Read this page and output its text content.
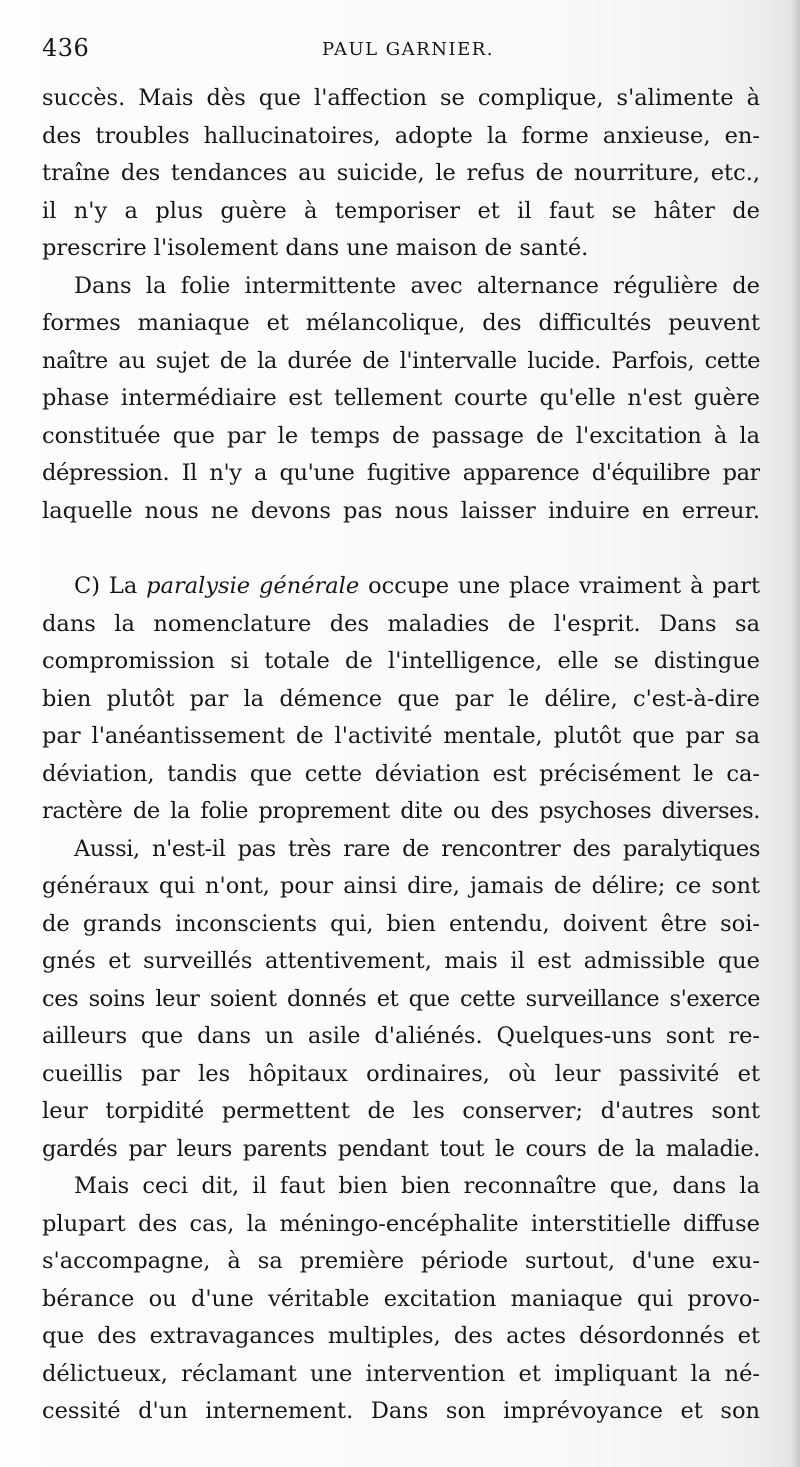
436	PAUL GARNIER.
succès. Mais dès que l'affection se complique, s'alimente à
des troubles hallucinatoires, adopte la forme anxieuse, en-
traîne des tendances au suicide, le refus de nourriture, etc.,
il n'y a plus guère à temporiser et il faut se hâter de
prescrire l'isolement dans une maison de santé.
Dans la folie intermittente avec alternance régulière de
formes maniaque et mélancolique, des difficultés peuvent
naître au sujet de la durée de l'intervalle lucide. Parfois, cette
phase intermédiaire est tellement courte qu'elle n'est guère
constituée que par le temps de passage de l'excitation à la
dépression. Il n'y a qu'une fugitive apparence d'équilibre par
laquelle nous ne devons pas nous laisser induire en erreur.
C) La paralysie générale occupe une place vraiment à part
dans la nomenclature des maladies de l'esprit. Dans sa
compromission si totale de l'intelligence, elle se distingue
bien plutôt par la démence que par le délire, c'est-à-dire
par l'anéantissement de l'activité mentale, plutôt que par sa
déviation, tandis que cette déviation est précisément le ca-
ractère de la folie proprement dite ou des psychoses diverses.
Aussi, n'est-il pas très rare de rencontrer des paralytiques
généraux qui n'ont, pour ainsi dire, jamais de délire; ce sont
de grands inconscients qui, bien entendu, doivent être soi-
gnés et surveillés attentivement, mais il est admissible que
ces soins leur soient donnés et que cette surveillance s'exerce
ailleurs que dans un asile d'aliénés. Quelques-uns sont re-
cueillis par les hôpitaux ordinaires, où leur passivité et
leur torpidité permettent de les conserver; d'autres sont
gardés par leurs parents pendant tout le cours de la maladie.
Mais ceci dit, il faut bien bien reconnaître que, dans la
plupart des cas, la méningo-encéphalite interstitielle diffuse
s'accompagne, à sa première période surtout, d'une exu-
bérance ou d'une véritable excitation maniaque qui provo-
que des extravagances multiples, des actes désordonnés et
délictueux, réclamant une intervention et impliquant la né-
cessité d'un internement. Dans son imprévoyance et son
